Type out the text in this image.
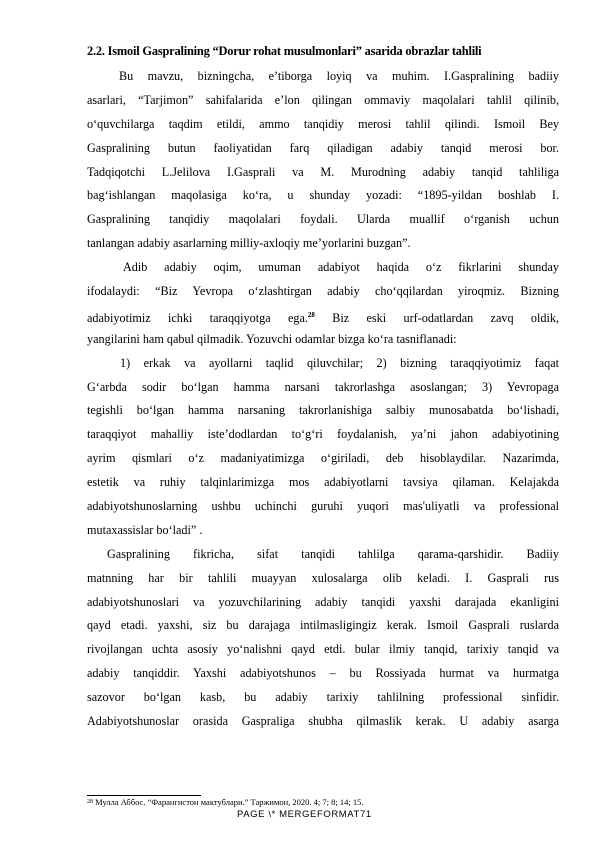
2.2. Ismoil Gaspralining “Dorur rohat musulmonlari” asarida obrazlar tahlili
Bu mavzu, bizningcha, e’tiborga loyiq va muhim. I.Gaspralining badiiy
asarlari, “Tarjimon” sahifalarida e’lon qilingan ommaviy maqolalari tahlil qilinib,
o‘quvchilarga taqdim etildi, ammo tanqidiy merosi tahlil qilindi. Ismoil Bey
Gaspralining butun faoliyatidan farq qiladigan adabiy tanqid merosi bor.
Tadqiqotchi L.Jelilova I.Gasprali va M. Murodning adabiy tanqid tahliliga
bag‘ishlangan maqolasiga ko‘ra, u shunday yozadi: “1895-yildan boshlab I.
Gaspralining tanqidiy maqolalari foydali. Ularda muallif o‘rganish uchun
tanlangan adabiy asarlarning milliy-axloqiy me’yorlarini buzgan”.
Adib adabiy oqim, umuman adabiyot haqida o‘z fikrlarini shunday
ifodalaydi: “Biz Yevropa o‘zlashtirgan adabiy cho‘qqilardan yiroqmiz. Bizning
adabiyotimiz ichki taraqqiyotga ega.$^{28}$ Biz eski urf-odatlardan zavq oldik,
yangilarini ham qabul qilmadik. Yozuvchi odamlar bizga ko‘ra tasniflanadi:
1) erkak va ayollarni taqlid qiluvchilar; 2) bizning taraqqiyotimiz faqat
G‘arbda sodir bo‘lgan hamma narsani takrorlashga asoslangan; 3) Yevropaga
tegishli bo‘lgan hamma narsaning takrorlanishiga salbiy munosabatda bo‘lishadi,
taraqqiyot mahalliy iste’dodlardan to‘g‘ri foydalanish, ya’ni jahon adabiyotining
ayrim qismlari o‘z madaniyatimizga o‘giriladi, deb hisoblaydilar. Nazarimda,
estetik va ruhiy talqinlarimizga mos adabiyotlarni tavsiya qilaman. Kelajakda
adabiyotshunoslarning ushbu uchinchi guruhi yuqori mas'uliyatli va professional
mutaxassislar bo‘ladi” .
Gaspralining fikricha, sifat tanqidi tahlilga qarama-qarshidir. Badiiy
matnning har bir tahlili muayyan xulosalarga olib keladi. I. Gasprali rus
adabiyotshunoslari va yozuvchilarining adabiy tanqidi yaxshi darajada ekanligini
qayd etadi. yaxshi, siz bu darajaga intilmasligingiz kerak. Ismoil Gasprali ruslarda
rivojlangan uchta asosiy yo‘nalishni qayd etdi. bular ilmiy tanqid, tarixiy tanqid va
adabiy tanqiddir. Yaxshi adabiyotshunos – bu Rossiyada hurmat va hurmatga
sazovor bo‘lgan kasb, bu adabiy tarixiy tahlilning professional sinfidir.
Adabiyotshunoslar orasida Gaspraliga shubha qilmaslik kerak. U adabiy asarga
$^{28}$ Мулла Аббос. “Фарангистон мактублари.” Таржимон, 2020. 4; 7; 8; 14; 15.
PAGE \* MERGEFORMAT71
